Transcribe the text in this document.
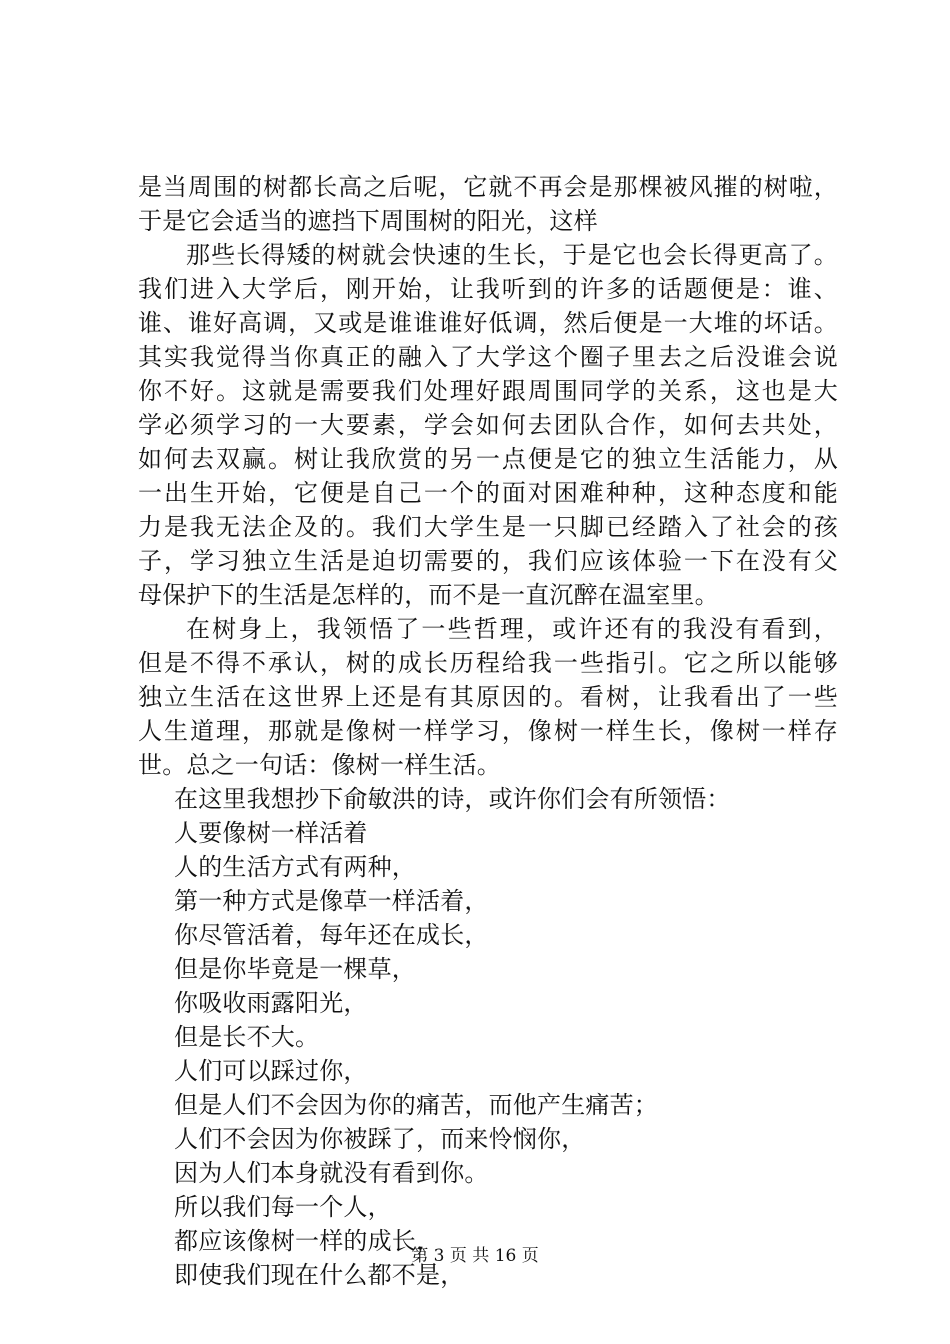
是当周围的树都长高之后呢，它就不再会是那棵被风摧的树啦，
于是它会适当的遮挡下周围树的阳光，这样
那些长得矮的树就会快速的生长，于是它也会长得更高了。
我们进入大学后，刚开始，让我听到的许多的话题便是：谁、
谁、谁好高调，又或是谁谁谁好低调，然后便是一大堆的坏话。
其实我觉得当你真正的融入了大学这个圈子里去之后没谁会说
你不好。这就是需要我们处理好跟周围同学的关系，这也是大
学必须学习的一大要素，学会如何去团队合作，如何去共处，
如何去双赢。树让我欣赏的另一点便是它的独立生活能力，从
一出生开始，它便是自己一个的面对困难种种，这种态度和能
力是我无法企及的。我们大学生是一只脚已经踏入了社会的孩
子，学习独立生活是迫切需要的，我们应该体验一下在没有父
母保护下的生活是怎样的，而不是一直沉醉在温室里。
在树身上，我领悟了一些哲理，或许还有的我没有看到，
但是不得不承认，树的成长历程给我一些指引。它之所以能够
独立生活在这世界上还是有其原因的。看树，让我看出了一些
人生道理，那就是像树一样学习，像树一样生长，像树一样存
世。总之一句话：像树一样生活。
在这里我想抄下俞敏洪的诗，或许你们会有所领悟：
人要像树一样活着
人的生活方式有两种，
第一种方式是像草一样活着，
你尽管活着，每年还在成长，
但是你毕竟是一棵草，
你吸收雨露阳光，
但是长不大。
人们可以踩过你，
但是人们不会因为你的痛苦，而他产生痛苦；
人们不会因为你被踩了，而来怜悯你，
因为人们本身就没有看到你。
所以我们每一个人，
都应该像树一样的成长，
即使我们现在什么都不是，
第 3 页 共 16 页
